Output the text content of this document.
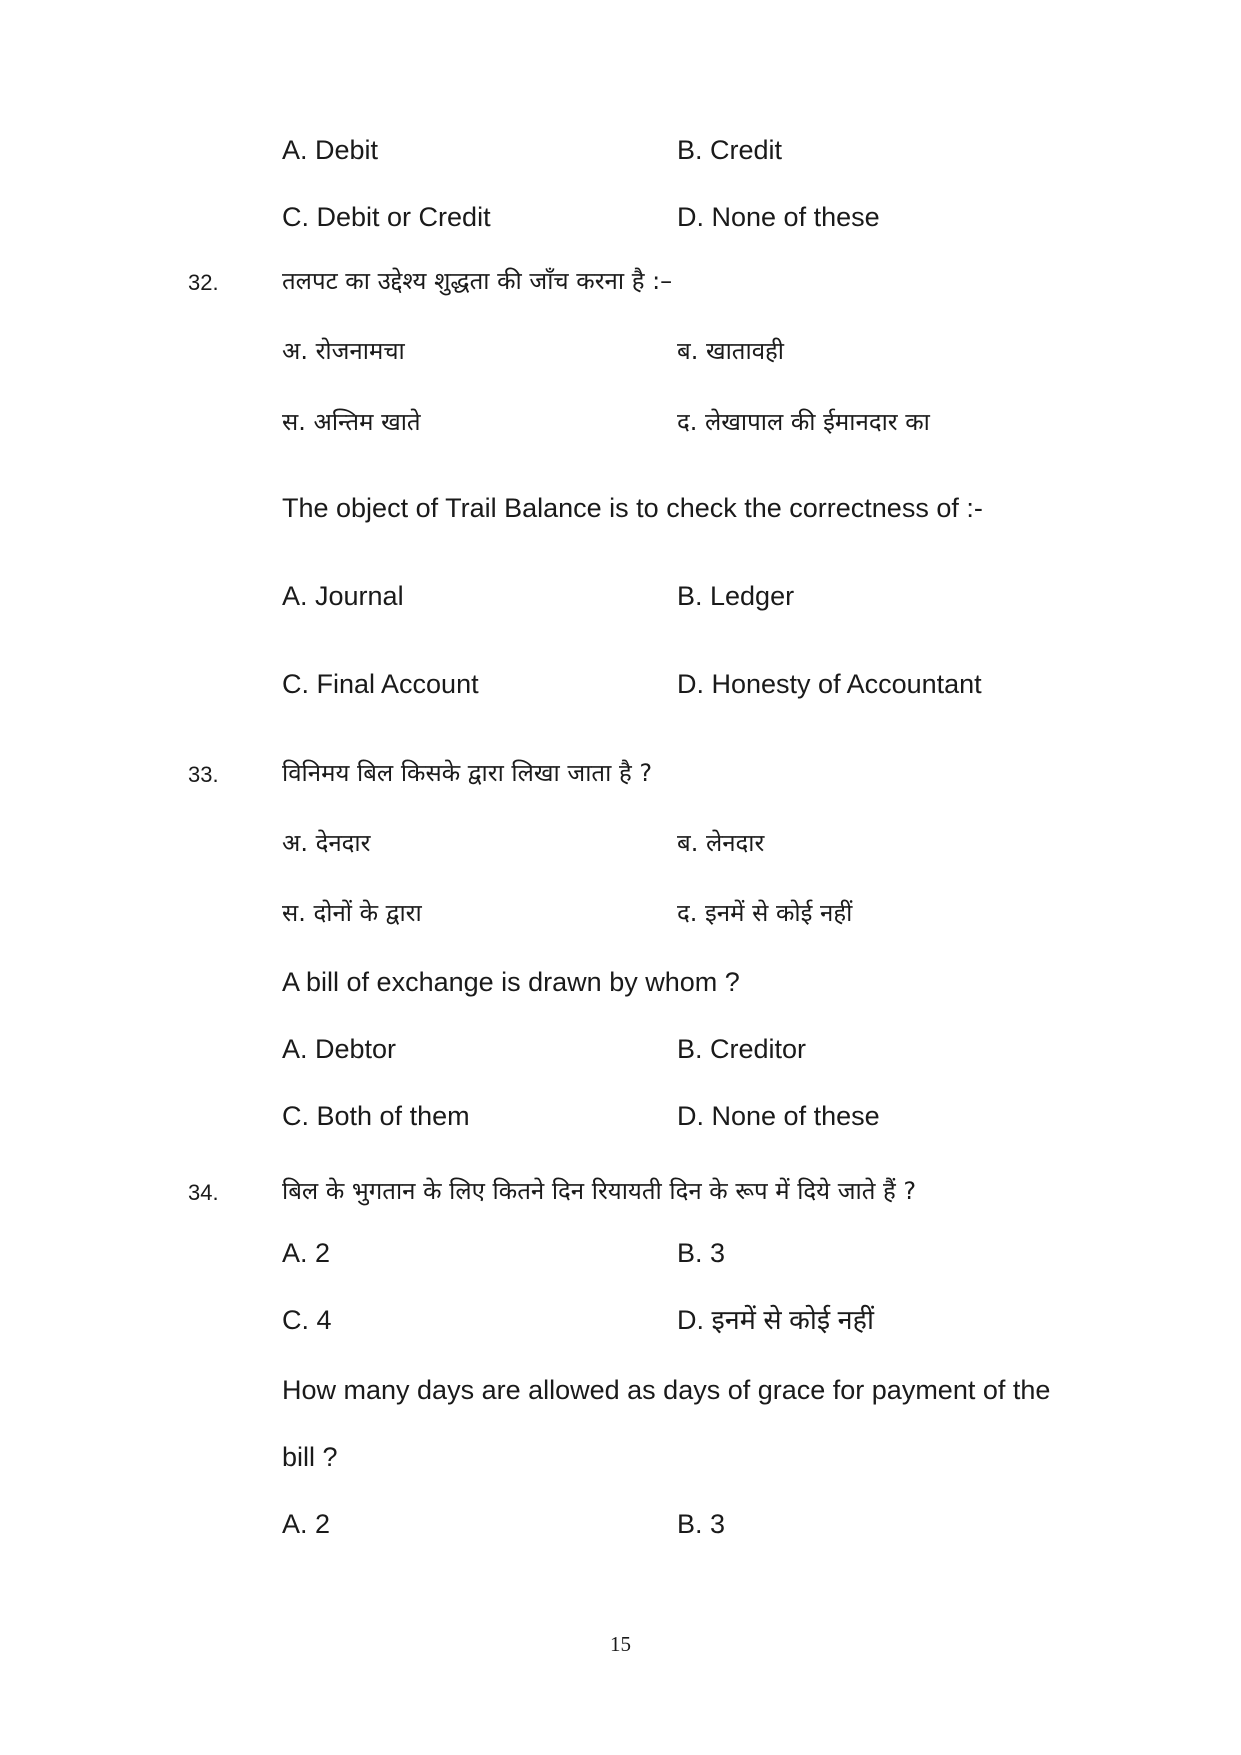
A. Debit	B. Credit
C. Debit or Credit	D. None of these
32.	तलपट का उद्देश्य शुद्धता की जाँच करना है :–
अ. रोजनामचा	ब. खातावही
स. अन्तिम खाते	द. लेखापाल की ईमानदार का
The object of Trail Balance is to check the correctness of :-
A. Journal	B. Ledger
C. Final Account	D. Honesty of Accountant
33.	विनिमय बिल किसके द्वारा लिखा जाता है ?
अ. देनदार	ब. लेनदार
स. दोनों के द्वारा	द. इनमें से कोई नहीं
A bill of exchange is drawn by whom ?
A. Debtor	B. Creditor
C. Both of them	D. None of these
34.	बिल के भुगतान के लिए कितने दिन रियायती दिन के रूप में दिये जाते हैं ?
A. 2	B. 3
C. 4	D. इनमें से कोई नहीं
How many days are allowed as days of grace for payment of the
bill ?
A. 2	B. 3
15
